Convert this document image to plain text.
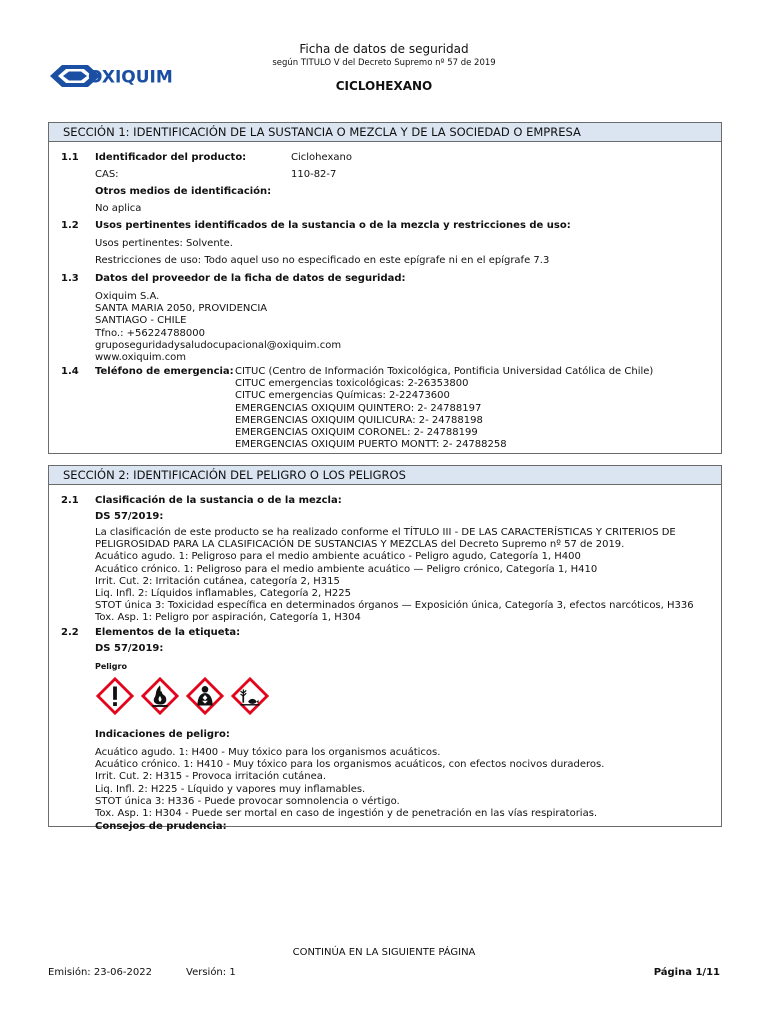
OXIQUIM
Ficha de datos de seguridad
según TITULO V del Decreto Supremo nº 57 de 2019
CICLOHEXANO
SECCIÓN 1: IDENTIFICACIÓN DE LA SUSTANCIA O MEZCLA Y DE LA SOCIEDAD O EMPRESA
1.1 Identificador del producto:	Ciclohexano
CAS:	110-82-7
Otros medios de identificación:
No aplica
1.2 Usos pertinentes identificados de la sustancia o de la mezcla y restricciones de uso:
Usos pertinentes: Solvente.
Restricciones de uso: Todo aquel uso no especificado en este epígrafe ni en el epígrafe 7.3
1.3 Datos del proveedor de la ficha de datos de seguridad:
Oxiquim S.A.
SANTA MARIA 2050, PROVIDENCIA
SANTIAGO - CHILE
Tfno.: +56224788000
gruposeguridadysaludocupacional@oxiquim.com
www.oxiquim.com
1.4 Teléfono de emergencia: CITUC (Centro de Información Toxicológica, Pontificia Universidad Católica de Chile)
CITUC emergencias toxicológicas: 2-26353800
CITUC emergencias Químicas: 2-22473600
EMERGENCIAS OXIQUIM QUINTERO: 2- 24788197
EMERGENCIAS OXIQUIM QUILICURA: 2- 24788198
EMERGENCIAS OXIQUIM CORONEL: 2- 24788199
EMERGENCIAS OXIQUIM PUERTO MONTT: 2- 24788258
SECCIÓN 2: IDENTIFICACIÓN DEL PELIGRO O LOS PELIGROS
2.1 Clasificación de la sustancia o de la mezcla:
DS 57/2019:
La clasificación de este producto se ha realizado conforme el TÍTULO III - DE LAS CARACTERÍSTICAS Y CRITERIOS DE
PELIGROSIDAD PARA LA CLASIFICACIÓN DE SUSTANCIAS Y MEZCLAS del Decreto Supremo nº 57 de 2019.
Acuático agudo. 1: Peligroso para el medio ambiente acuático - Peligro agudo, Categoría 1, H400
Acuático crónico. 1: Peligroso para el medio ambiente acuático — Peligro crónico, Categoría 1, H410
Irrit. Cut. 2: Irritación cutánea, categoría 2, H315
Liq. Infl. 2: Líquidos inflamables, Categoría 2, H225
STOT única 3: Toxicidad específica en determinados órganos — Exposición única, Categoría 3, efectos narcóticos, H336
Tox. Asp. 1: Peligro por aspiración, Categoría 1, H304
2.2 Elementos de la etiqueta:
DS 57/2019:
Peligro
Indicaciones de peligro:
Acuático agudo. 1: H400 - Muy tóxico para los organismos acuáticos.
Acuático crónico. 1: H410 - Muy tóxico para los organismos acuáticos, con efectos nocivos duraderos.
Irrit. Cut. 2: H315 - Provoca irritación cutánea.
Liq. Infl. 2: H225 - Líquido y vapores muy inflamables.
STOT única 3: H336 - Puede provocar somnolencia o vértigo.
Tox. Asp. 1: H304 - Puede ser mortal en caso de ingestión y de penetración en las vías respiratorias.
Consejos de prudencia:
CONTINÚA EN LA SIGUIENTE PÁGINA
Emisión: 23-06-2022	Versión: 1	Página 1/11
